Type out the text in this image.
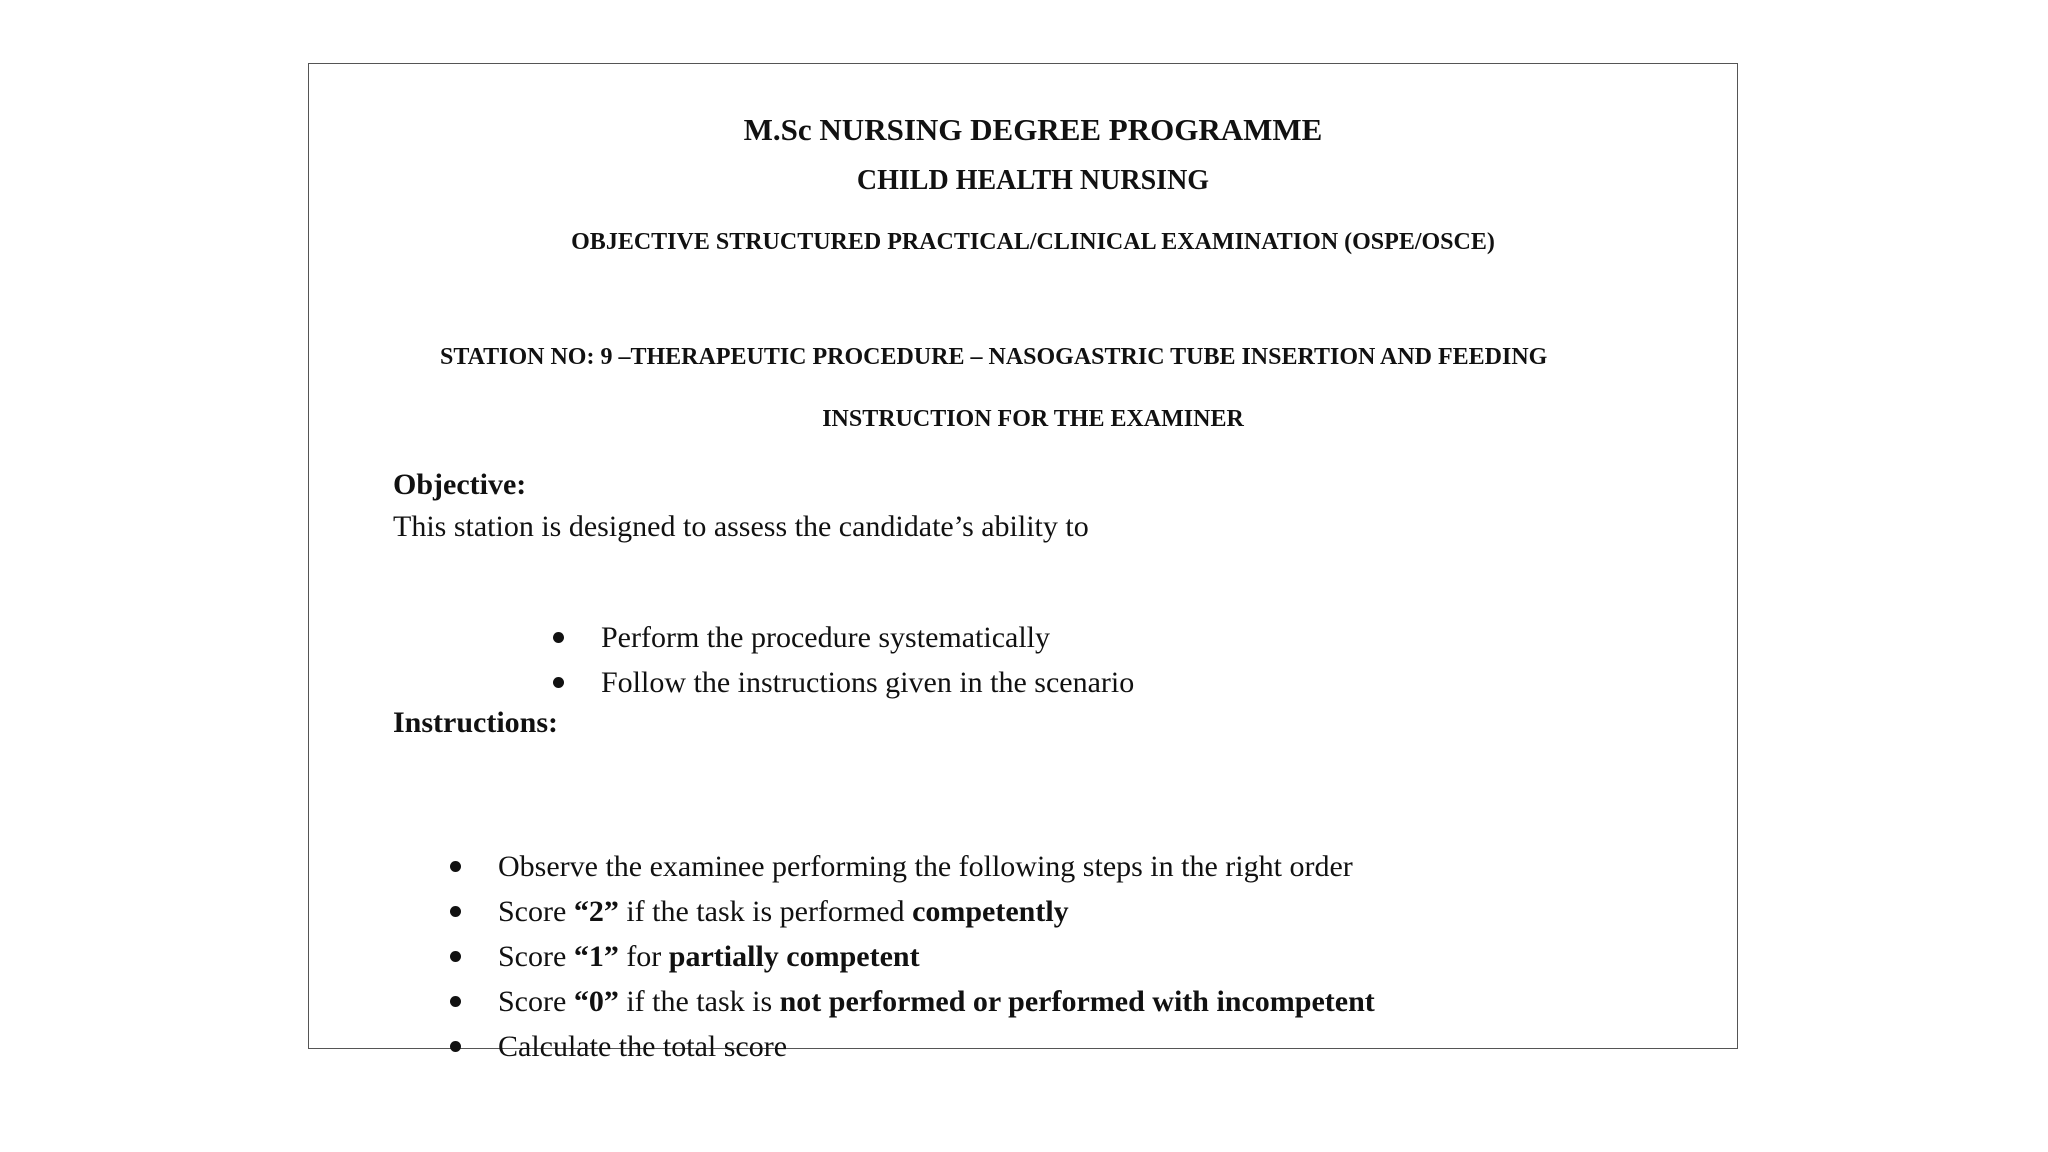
M.Sc NURSING DEGREE PROGRAMME
CHILD HEALTH NURSING
OBJECTIVE STRUCTURED PRACTICAL/CLINICAL EXAMINATION (OSPE/OSCE)
STATION NO: 9 –THERAPEUTIC PROCEDURE – NASOGASTRIC TUBE INSERTION AND FEEDING
INSTRUCTION FOR THE EXAMINER
Objective:
This station is designed to assess the candidate’s ability to
Perform the procedure systematically
Follow the instructions given in the scenario
Instructions:
Observe the examinee performing the following steps in the right order
Score “2” if the task is performed competently
Score “1” for partially competent
Score “0” if the task is not performed or performed with incompetent
Calculate the total score
